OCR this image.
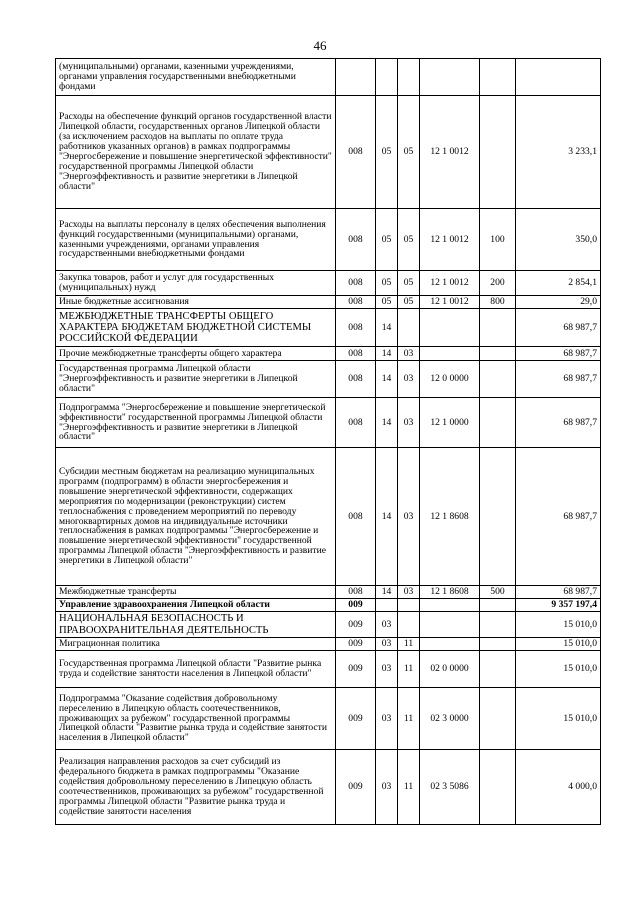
46
(муниципальными) органами, казенными учреждениями, органами управления государственными внебюджетными фондами						
Расходы на обеспечение функций органов государственной власти Липецкой области, государственных органов Липецкой области (за исключением расходов на выплаты по оплате труда работников указанных органов) в рамках подпрограммы "Энергосбережение и повышение энергетической эффективности" государственной программы Липецкой области "Энергоэффективность и развитие энергетики в Липецкой области"	008	05	05	12 1 0012		3 233,1
Расходы на выплаты персоналу в целях обеспечения выполнения функций государственными (муниципальными) органами, казенными учреждениями, органами управления государственными внебюджетными фондами	008	05	05	12 1 0012	100	350,0
Закупка товаров, работ и услуг для государственных (муниципальных) нужд	008	05	05	12 1 0012	200	2 854,1
Иные бюджетные ассигнования	008	05	05	12 1 0012	800	29,0
МЕЖБЮДЖЕТНЫЕ ТРАНСФЕРТЫ ОБЩЕГО ХАРАКТЕРА БЮДЖЕТАМ БЮДЖЕТНОЙ СИСТЕМЫ РОССИЙСКОЙ ФЕДЕРАЦИИ	008	14				68 987,7
Прочие межбюджетные трансферты общего характера	008	14	03			68 987,7
Государственная программа Липецкой области "Энергоэффективность и развитие энергетики в Липецкой области"	008	14	03	12 0 0000		68 987,7
Подпрограмма "Энергосбережение и повышение энергетической эффективности" государственной программы Липецкой области "Энергоэффективность и развитие энергетики в Липецкой области"	008	14	03	12 1 0000		68 987,7
Субсидии местным бюджетам на реализацию муниципальных программ (подпрограмм) в области энергосбережения и повышение энергетической эффективности, содержащих мероприятия по модернизации (реконструкции) систем теплоснабжения с проведением мероприятий по переводу многоквартирных домов на индивидуальные источники теплоснабжения в рамках подпрограммы "Энергосбережение и повышение энергетической эффективности" государственной программы Липецкой области "Энергоэффективность и развитие энергетики в Липецкой области"	008	14	03	12 1 8608		68 987,7
Межбюджетные трансферты	008	14	03	12 1 8608	500	68 987,7
Управление здравоохранения Липецкой области	009					9 357 197,4
НАЦИОНАЛЬНАЯ БЕЗОПАСНОСТЬ И ПРАВООХРАНИТЕЛЬНАЯ ДЕЯТЕЛЬНОСТЬ	009	03				15 010,0
Миграционная политика	009	03	11			15 010,0
Государственная программа Липецкой области "Развитие рынка труда и содействие занятости населения в Липецкой области"	009	03	11	02 0 0000		15 010,0
Подпрограмма "Оказание содействия добровольному переселению в Липецкую область соотечественников, проживающих за рубежом" государственной программы Липецкой области "Развитие рынка труда и содействие занятости населения в Липецкой области"	009	03	11	02 3 0000		15 010,0
Реализация направления расходов за счет субсидий из федерального бюджета в рамках подпрограммы "Оказание содействия добровольному переселению в Липецкую область соотечественников, проживающих за рубежом" государственной программы Липецкой области "Развитие рынка труда и содействие занятости населения	009	03	11	02 3 5086		4 000,0
